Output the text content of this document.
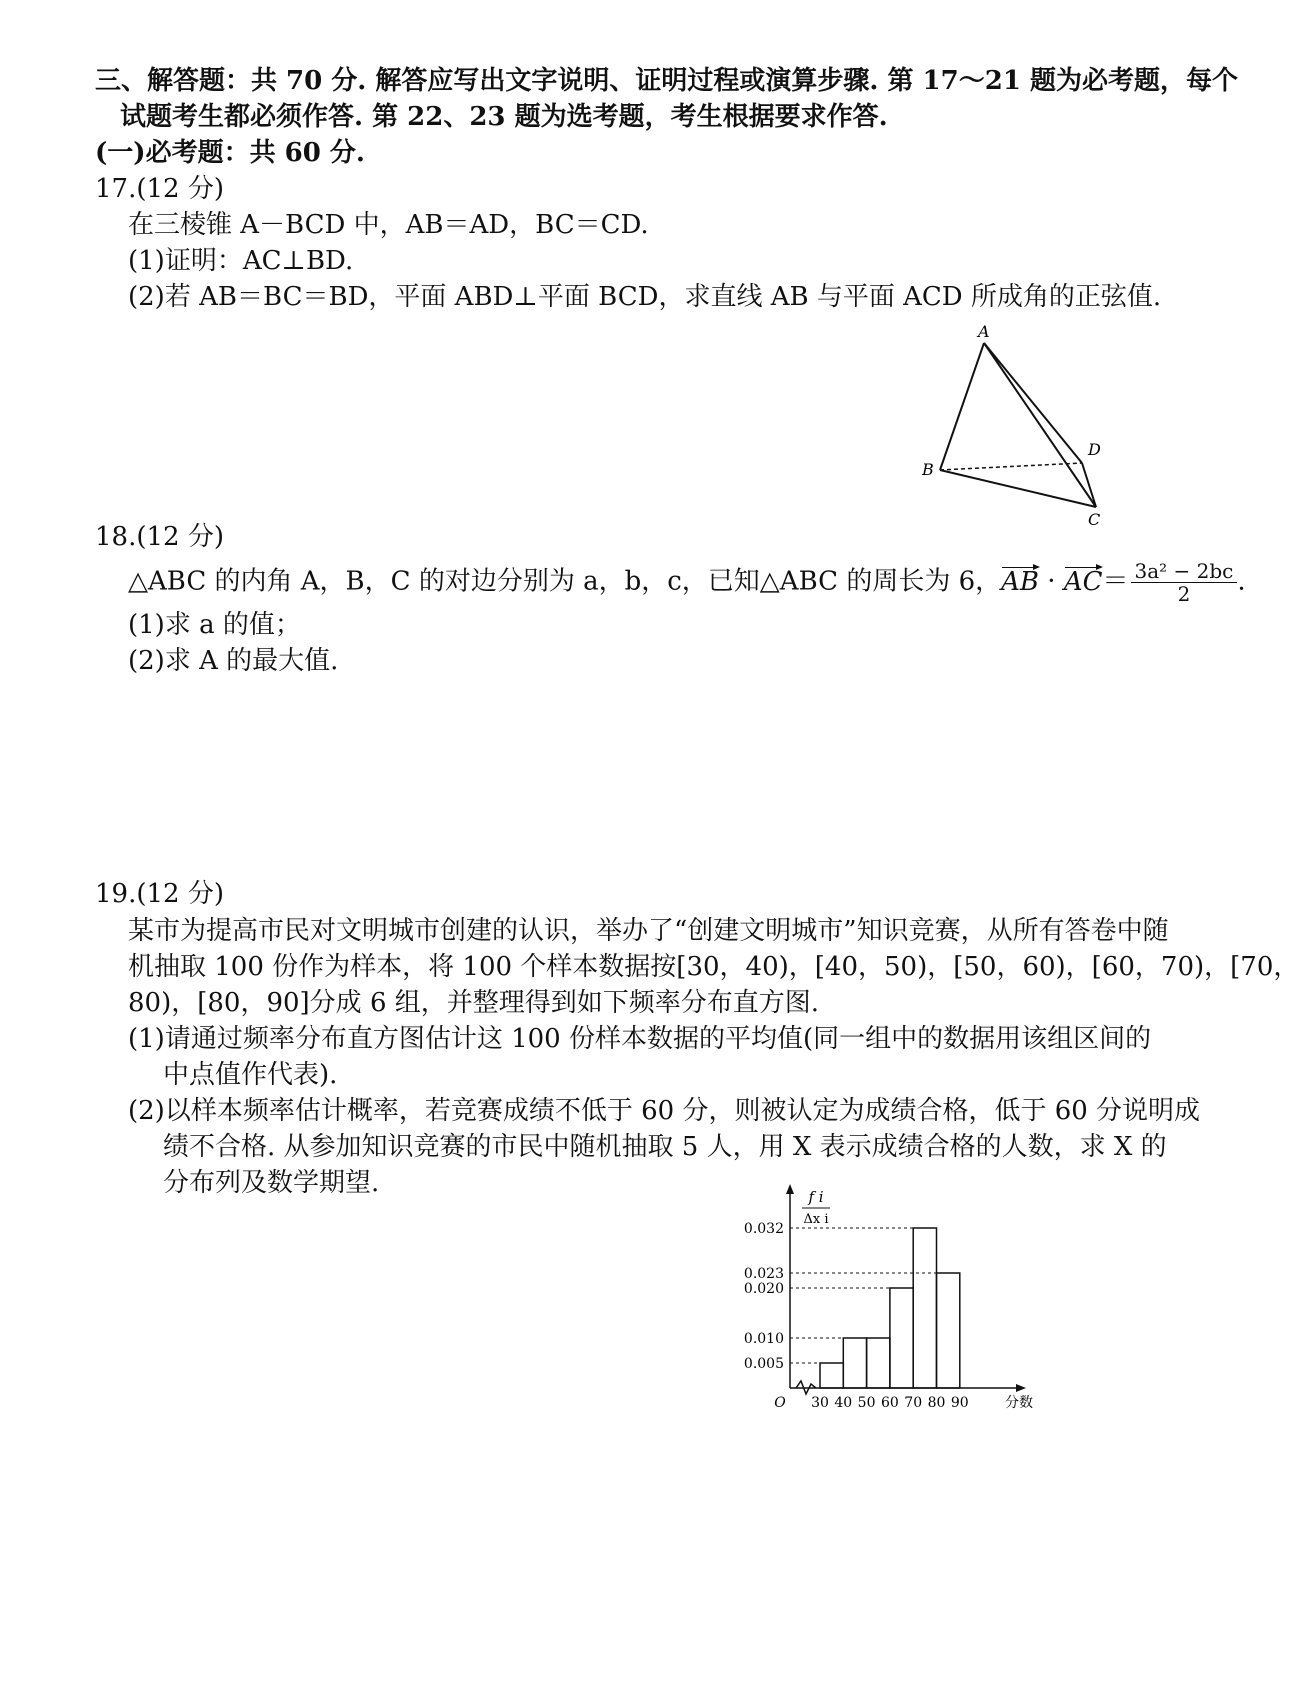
三、解答题：共 70 分. 解答应写出文字说明、证明过程或演算步骤. 第 17～21 题为必考题，每个
试题考生都必须作答. 第 22、23 题为选考题，考生根据要求作答.
(一)必考题：共 60 分.
17.(12 分)
在三棱锥 A－BCD 中，AB＝AD，BC＝CD.
(1)证明：AC⊥BD.
(2)若 AB＝BC＝BD，平面 ABD⊥平面 BCD，求直线 AB 与平面 ACD 所成角的正弦值.
A
B
C
D
18.(12 分)
△ABC 的内角 A，B，C 的对边分别为 a，b，c，已知△ABC 的周长为 6，AB · $AC= \frac{\text{3a² − 2bc}}{2}$ .
(1)求 a 的值；
(2)求 A 的最大值.
19.(12 分)
某市为提高市民对文明城市创建的认识，举办了“创建文明城市”知识竞赛，从所有答卷中随
机抽取 100 份作为样本，将 100 个样本数据按[30，40)，[40，50)，[50，60)，[60，70)，[70，
80)，[80，90]分成 6 组，并整理得到如下频率分布直方图.
(1)请通过频率分布直方图估计这 100 份样本数据的平均值(同一组中的数据用该组区间的
中点值作代表).
(2)以样本频率估计概率，若竞赛成绩不低于 60 分，则被认定为成绩合格，低于 60 分说明成
绩不合格. 从参加知识竞赛的市民中随机抽取 5 人，用 X 表示成绩合格的人数，求 X 的
分布列及数学期望.
0.005
0.010
0.020
0.023
0.032
30 40 50 60 70 80 90
O	分数
f i
Δx i
